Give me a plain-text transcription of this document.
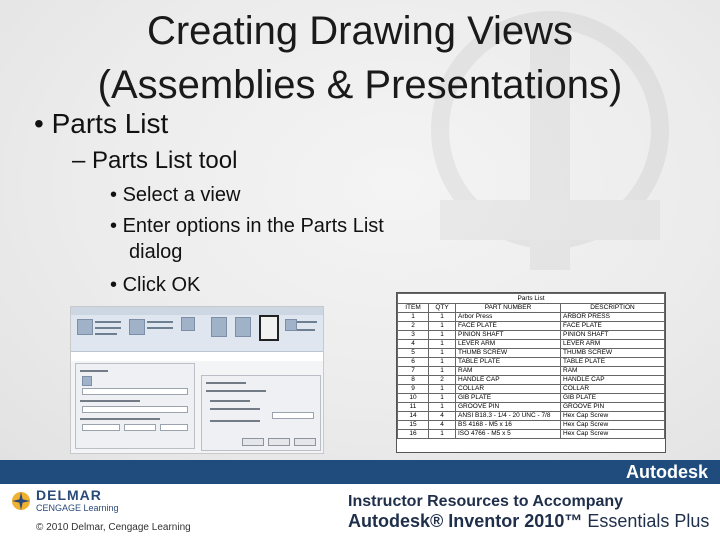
Creating Drawing Views
(Assemblies & Presentations)
• Parts List
– Parts List tool
• Select a view
• Enter options in the Parts List
dialog
• Click OK
Parts List			
ITEM	QTY	PART NUMBER	DESCRIPTION
1	1	Arbor Press	ARBOR PRESS
2	1	FACE PLATE	FACE PLATE
3	1	PINION SHAFT	PINION SHAFT
4	1	LEVER ARM	LEVER ARM
5	1	THUMB SCREW	THUMB SCREW
6	1	TABLE PLATE	TABLE PLATE
7	1	RAM	RAM
8	2	HANDLE CAP	HANDLE CAP
9	1	COLLAR	COLLAR
10	1	GIB PLATE	GIB PLATE
11	1	GROOVE PIN	GROOVE PIN
14	4	ANSI B18.3 - 1/4 - 20 UNC - 7/8	Hex Cap Screw
15	4	BS 4168 - M5 x 16	Hex Cap Screw
16	1	ISO 4766 - M5 x 5	Hex Cap Screw
Autodesk
DELMAR
CENGAGE Learning
© 2010 Delmar, Cengage Learning
Instructor Resources to Accompany
Autodesk® Inventor 2010™ Essentials Plus
